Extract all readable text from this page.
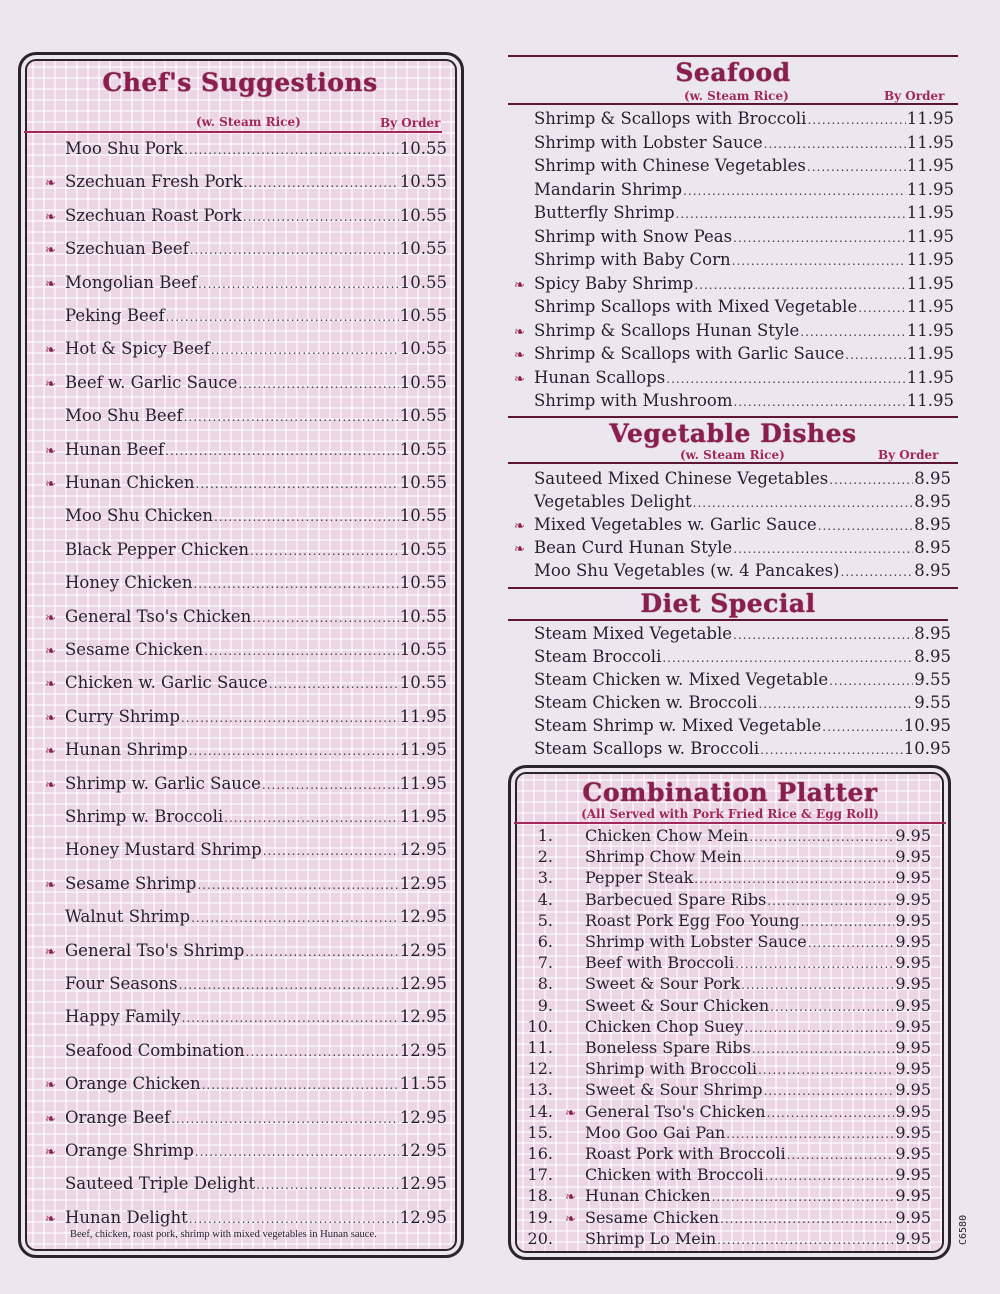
Chef's Suggestions
(w. Steam Rice)	By Order
Moo Shu Pork .....	10.55
❧ Szechuan Fresh Pork .....	10.55
❧ Szechuan Roast Pork .....	10.55
❧ Szechuan Beef .....	10.55
❧ Mongolian Beef .....	10.55
Peking Beef .....	10.55
❧ Hot & Spicy Beef .....	10.55
❧ Beef w. Garlic Sauce .....	10.55
Moo Shu Beef .....	10.55
❧ Hunan Beef .....	10.55
❧ Hunan Chicken .....	10.55
Moo Shu Chicken .....	10.55
Black Pepper Chicken .....	10.55
Honey Chicken .....	10.55
❧ General Tso's Chicken .....	10.55
❧ Sesame Chicken .....	10.55
❧ Chicken w. Garlic Sauce .....	10.55
❧ Curry Shrimp .....	11.95
❧ Hunan Shrimp .....	11.95
❧ Shrimp w. Garlic Sauce .....	11.95
Shrimp w. Broccoli .....	11.95
Honey Mustard Shrimp .....	12.95
❧ Sesame Shrimp .....	12.95
Walnut Shrimp .....	12.95
❧ General Tso's Shrimp .....	12.95
Four Seasons .....	12.95
Happy Family .....	12.95
Seafood Combination .....	12.95
❧ Orange Chicken .....	11.55
❧ Orange Beef .....	12.95
❧ Orange Shrimp .....	12.95
Sauteed Triple Delight .....	12.95
❧ Hunan Delight .....	12.95
Beef, chicken, roast pork, shrimp with mixed vegetables in Hunan sauce.
Seafood
(w. Steam Rice)	By Order
Shrimp & Scallops with Broccoli .....	11.95
Shrimp with Lobster Sauce .....	11.95
Shrimp with Chinese Vegetables .....	11.95
Mandarin Shrimp .....	11.95
Butterfly Shrimp .....	11.95
Shrimp with Snow Peas .....	11.95
Shrimp with Baby Corn .....	11.95
❧ Spicy Baby Shrimp .....	11.95
Shrimp Scallops with Mixed Vegetable .....	11.95
❧ Shrimp & Scallops Hunan Style .....	11.95
❧ Shrimp & Scallops with Garlic Sauce .....	11.95
❧ Hunan Scallops .....	11.95
Shrimp with Mushroom .....	11.95
Vegetable Dishes
(w. Steam Rice)	By Order
Sauteed Mixed Chinese Vegetables .....	8.95
Vegetables Delight .....	8.95
❧ Mixed Vegetables w. Garlic Sauce .....	8.95
❧ Bean Curd Hunan Style .....	8.95
Moo Shu Vegetables (w. 4 Pancakes) .....	8.95
Diet Special
Steam Mixed Vegetable .....	8.95
Steam Broccoli .....	8.95
Steam Chicken w. Mixed Vegetable .....	9.55
Steam Chicken w. Broccoli .....	9.55
Steam Shrimp w. Mixed Vegetable .....	10.95
Steam Scallops w. Broccoli .....	10.95
Combination Platter
(All Served with Pork Fried Rice & Egg Roll)
1.	Chicken Chow Mein .....	9.95
2.	Shrimp Chow Mein .....	9.95
3.	Pepper Steak .....	9.95
4.	Barbecued Spare Ribs .....	9.95
5.	Roast Pork Egg Foo Young .....	9.95
6.	Shrimp with Lobster Sauce .....	9.95
7.	Beef with Broccoli .....	9.95
8.	Sweet & Sour Pork .....	9.95
9.	Sweet & Sour Chicken .....	9.95
10.	Chicken Chop Suey .....	9.95
11.	Boneless Spare Ribs .....	9.95
12.	Shrimp with Broccoli .....	9.95
13.	Sweet & Sour Shrimp .....	9.95
14. ❧ General Tso's Chicken .....	9.95
15.	Moo Goo Gai Pan .....	9.95
16.	Roast Pork with Broccoli .....	9.95
17.	Chicken with Broccoli .....	9.95
18. ❧ Hunan Chicken .....	9.95
19. ❧ Sesame Chicken .....	9.95
20.	Shrimp Lo Mein .....	9.95	C6580
